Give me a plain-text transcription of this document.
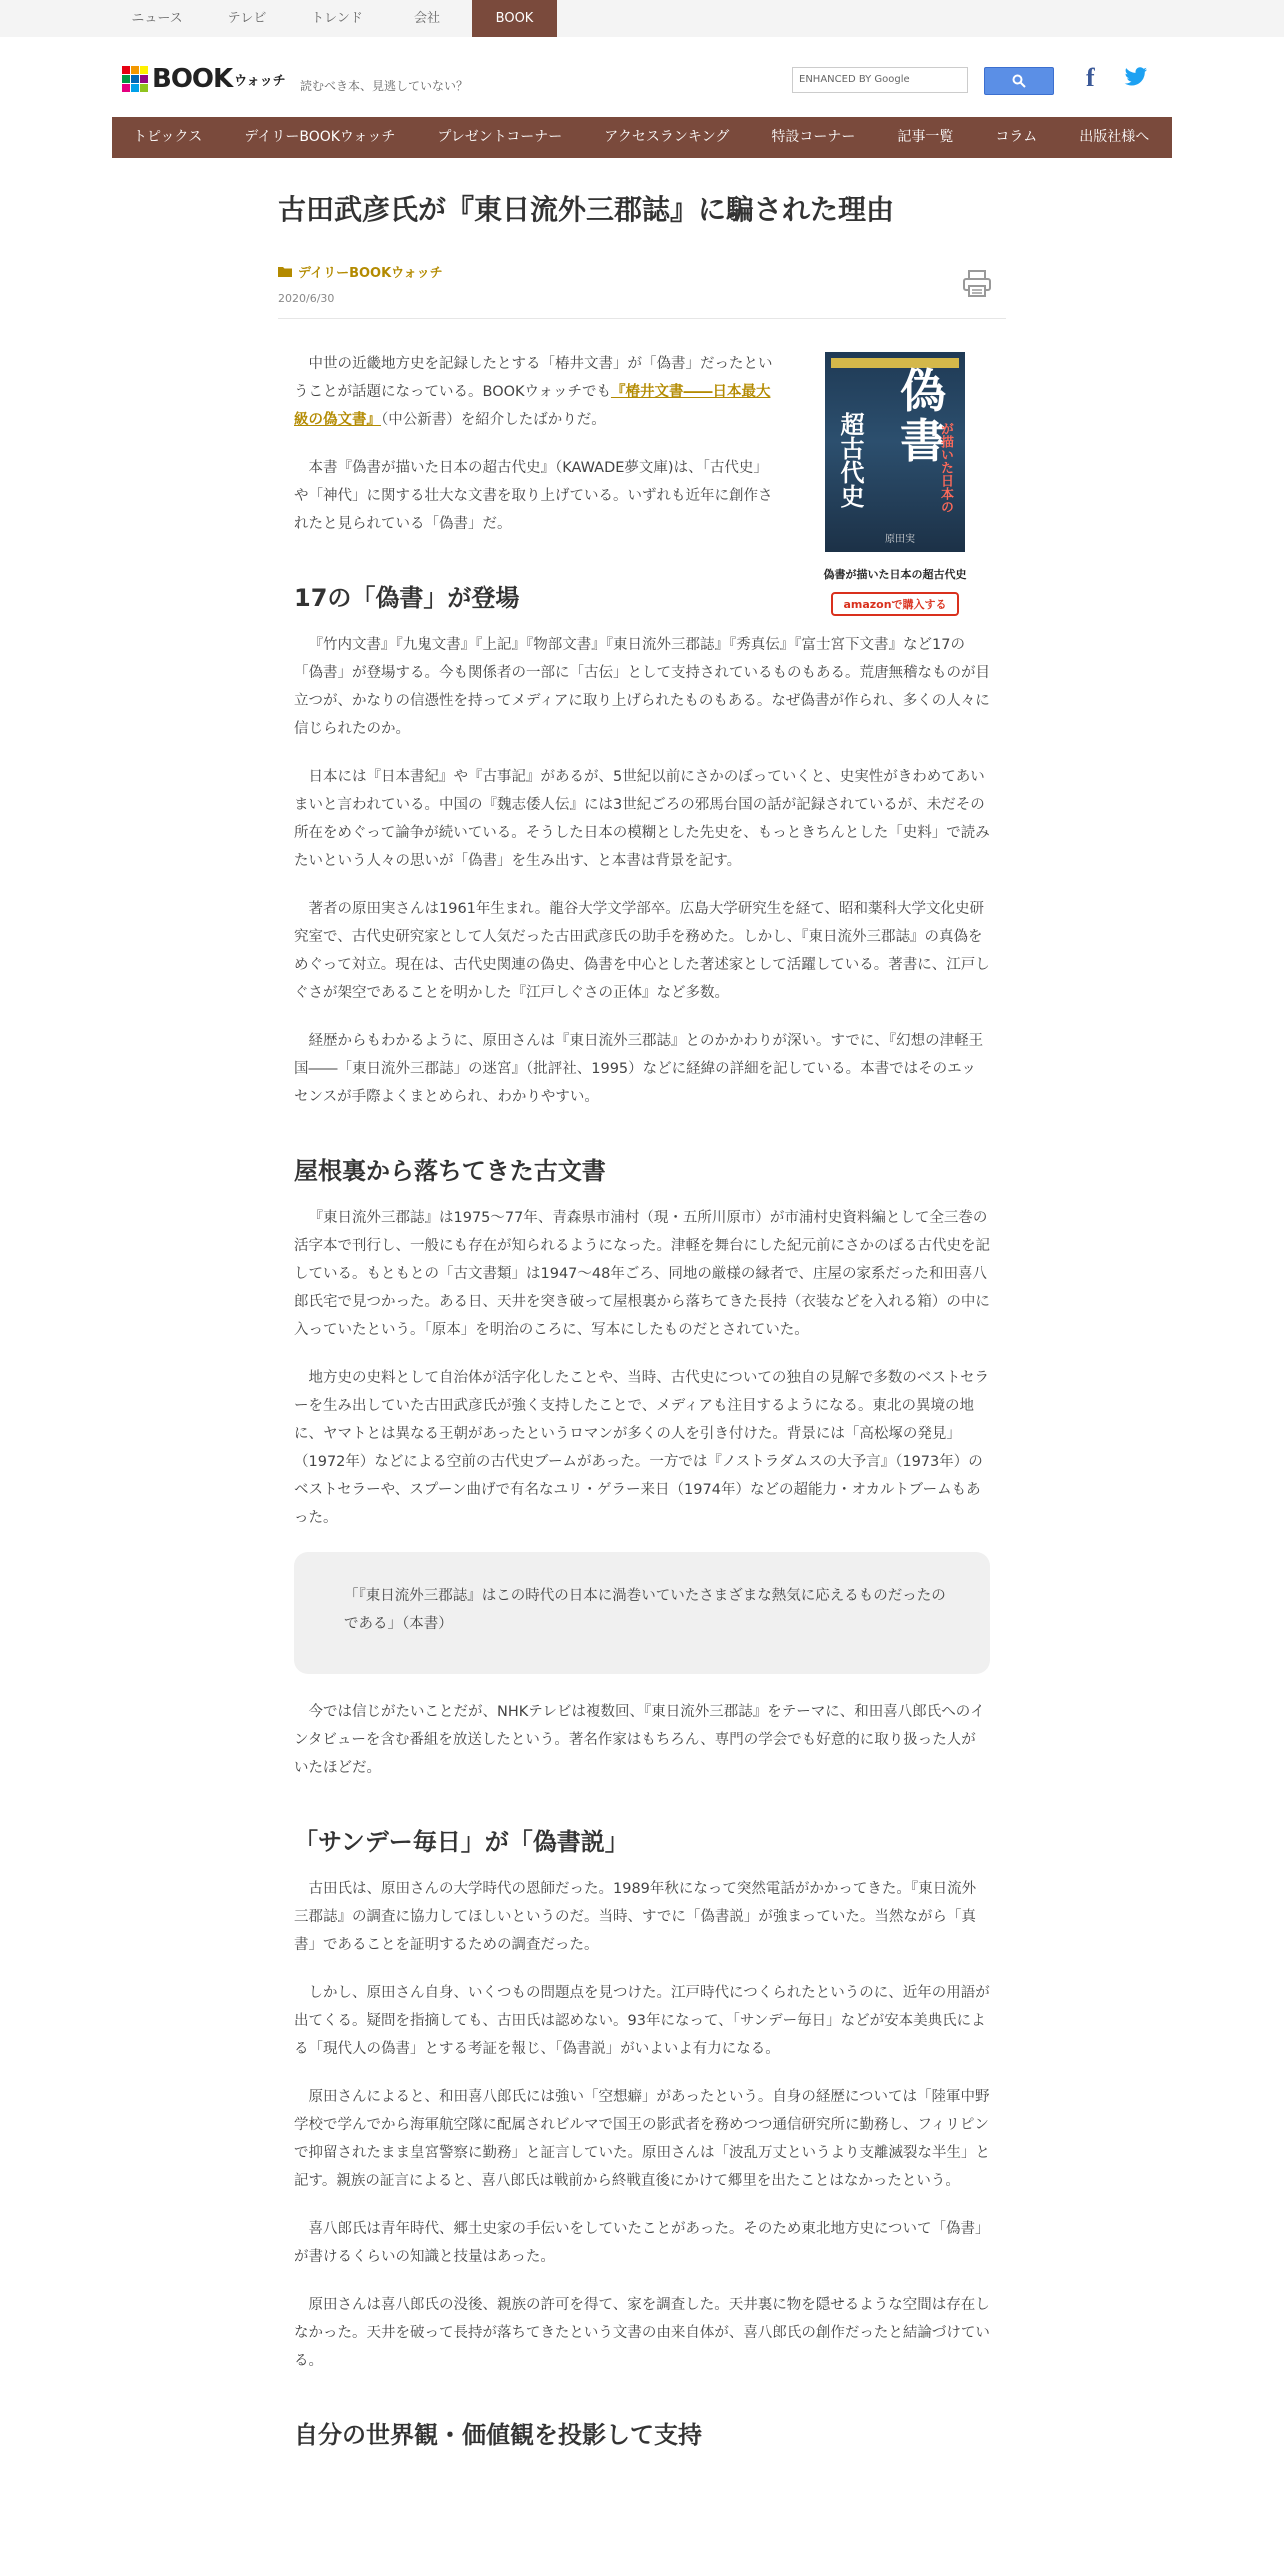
ニュース	テレビ	トレンド	会社	BOOK
BOOK ウォッチ 読むべき本、見逃していない？	ENHANCED BY Google	f
トピックス	デイリーBOOKウォッチ	プレゼントコーナー	アクセスランキング	特設コーナー	記事一覧	コラム	出版社様へ
古田武彦氏が『東日流外三郡誌』に騙された理由
デイリーBOOKウォッチ
2020/6/30
偽書
超古代史	が描いた日本の
原田実
偽書が描いた日本の超古代史
amazonで購入する

中世の近畿地方史を記録したとする「椿井文書」が「偽書」だったということが話題になっている。BOOKウォッチでも『椿井文書――日本最大級の偽文書』（中公新書）を紹介したばかりだ。

本書『偽書が描いた日本の超古代史』（KAWADE夢文庫)は、「古代史」や「神代」に関する壮大な文書を取り上げている。いずれも近年に創作されたと見られている「偽書」だ。

17の「偽書」が登場

『竹内文書』『九鬼文書』『上記』『物部文書』『東日流外三郡誌』『秀真伝』『富士宮下文書』など17の「偽書」が登場する。今も関係者の一部に「古伝」として支持されているものもある。荒唐無稽なものが目立つが、かなりの信憑性を持ってメディアに取り上げられたものもある。なぜ偽書が作られ、多くの人々に信じられたのか。

日本には『日本書紀』や『古事記』があるが、5世紀以前にさかのぼっていくと、史実性がきわめてあいまいと言われている。中国の『魏志倭人伝』には3世紀ごろの邪馬台国の話が記録されているが、未だその所在をめぐって論争が続いている。そうした日本の模糊とした先史を、もっときちんとした「史料」で読みたいという人々の思いが「偽書」を生み出す、と本書は背景を記す。

著者の原田実さんは1961年生まれ。龍谷大学文学部卒。広島大学研究生を経て、昭和薬科大学文化史研究室で、古代史研究家として人気だった古田武彦氏の助手を務めた。しかし、『東日流外三郡誌』の真偽をめぐって対立。現在は、古代史関連の偽史、偽書を中心とした著述家として活躍している。著書に、江戸しぐさが架空であることを明かした『江戸しぐさの正体』など多数。

経歴からもわかるように、原田さんは『東日流外三郡誌』とのかかわりが深い。すでに、『幻想の津軽王国――「東日流外三郡誌」の迷宮』（批評社、1995）などに経緯の詳細を記している。本書ではそのエッセンスが手際よくまとめられ、わかりやすい。

屋根裏から落ちてきた古文書

『東日流外三郡誌』は1975～77年、青森県市浦村（現・五所川原市）が市浦村史資料編として全三巻の活字本で刊行し、一般にも存在が知られるようになった。津軽を舞台にした紀元前にさかのぼる古代史を記している。もともとの「古文書類」は1947～48年ごろ、同地の厳様の縁者で、庄屋の家系だった和田喜八郎氏宅で見つかった。ある日、天井を突き破って屋根裏から落ちてきた長持（衣装などを入れる箱）の中に入っていたという。「原本」を明治のころに、写本にしたものだとされていた。

地方史の史料として自治体が活字化したことや、当時、古代史についての独自の見解で多数のベストセラーを生み出していた古田武彦氏が強く支持したことで、メディアも注目するようになる。東北の異境の地に、ヤマトとは異なる王朝があったというロマンが多くの人を引き付けた。背景には「高松塚の発見」（1972年）などによる空前の古代史ブームがあった。一方では『ノストラダムスの大予言』（1973年）のベストセラーや、スプーン曲げで有名なユリ・ゲラー来日（1974年）などの超能力・オカルトブームもあった。

「『東日流外三郡誌』はこの時代の日本に渦巻いていたさまざまな熱気に応えるものだったのである」（本書）

今では信じがたいことだが、NHKテレビは複数回、『東日流外三郡誌』をテーマに、和田喜八郎氏へのインタビューを含む番組を放送したという。著名作家はもちろん、専門の学会でも好意的に取り扱った人がいたほどだ。

「サンデー毎日」が「偽書説」

古田氏は、原田さんの大学時代の恩師だった。1989年秋になって突然電話がかかってきた。『東日流外三郡誌』の調査に協力してほしいというのだ。当時、すでに「偽書説」が強まっていた。当然ながら「真書」であることを証明するための調査だった。

しかし、原田さん自身、いくつもの問題点を見つけた。江戸時代につくられたというのに、近年の用語が出てくる。疑問を指摘しても、古田氏は認めない。93年になって、「サンデー毎日」などが安本美典氏による「現代人の偽書」とする考証を報じ、「偽書説」がいよいよ有力になる。

原田さんによると、和田喜八郎氏には強い「空想癖」があったという。自身の経歴については「陸軍中野学校で学んでから海軍航空隊に配属されビルマで国王の影武者を務めつつ通信研究所に勤務し、フィリピンで抑留されたまま皇宮警察に勤務」と証言していた。原田さんは「波乱万丈というより支離滅裂な半生」と記す。親族の証言によると、喜八郎氏は戦前から終戦直後にかけて郷里を出たことはなかったという。

喜八郎氏は青年時代、郷土史家の手伝いをしていたことがあった。そのため東北地方史について「偽書」が書けるくらいの知識と技量はあった。

原田さんは喜八郎氏の没後、親族の許可を得て、家を調査した。天井裏に物を隠せるような空間は存在しなかった。天井を破って長持が落ちてきたという文書の由来自体が、喜八郎氏の創作だったと結論づけている。

自分の世界観・価値観を投影して支持
